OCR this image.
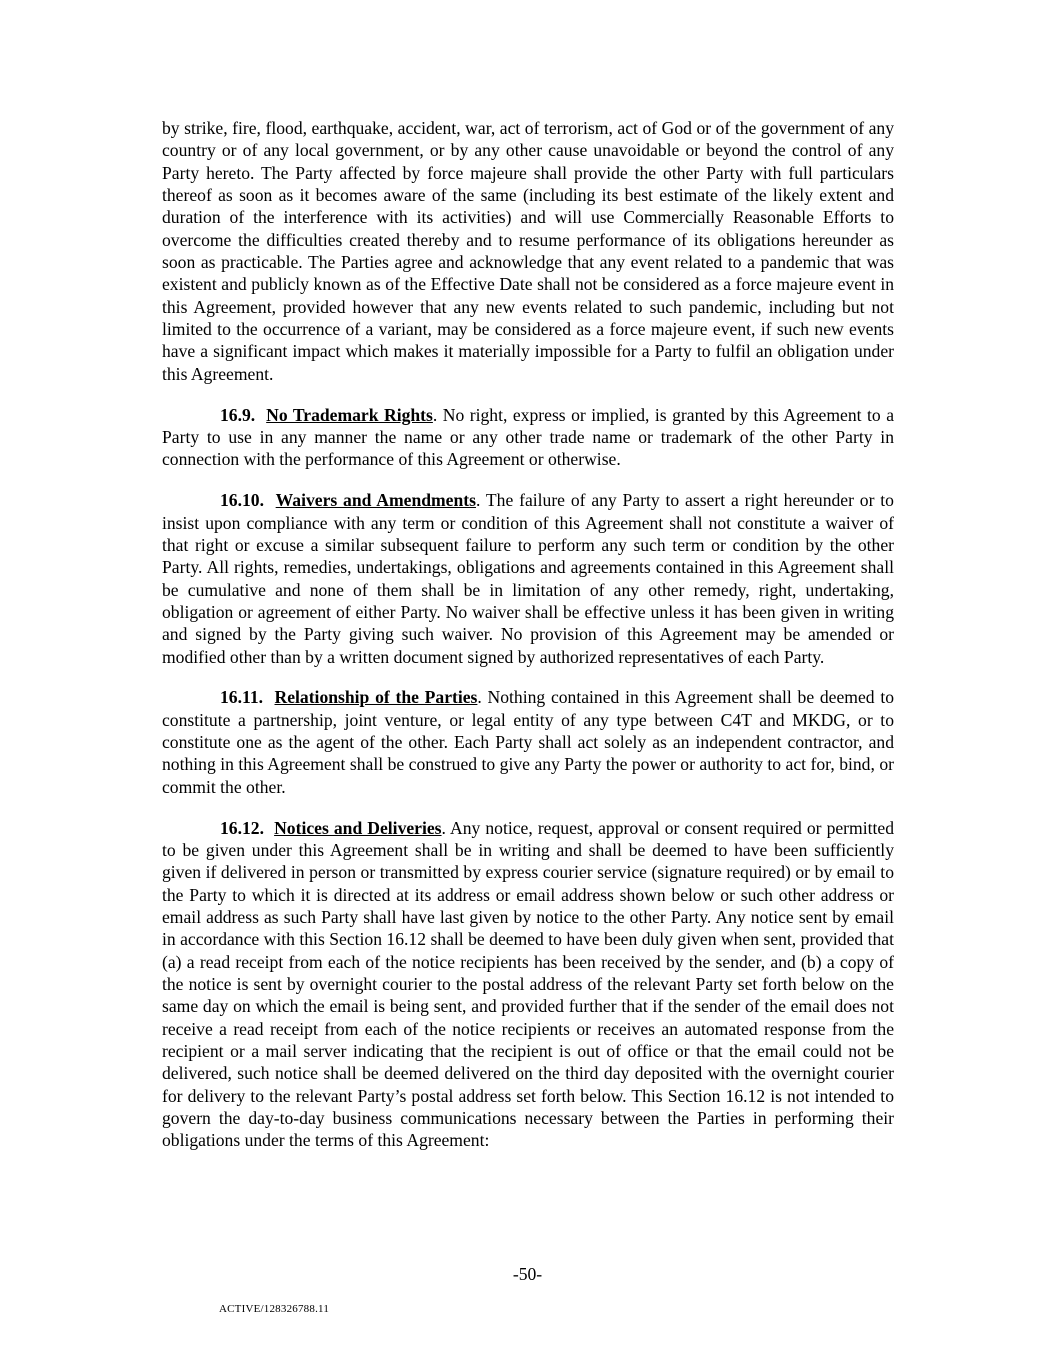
by strike, fire, flood, earthquake, accident, war, act of terrorism, act of God or of the government of any country or of any local government, or by any other cause unavoidable or beyond the control of any Party hereto. The Party affected by force majeure shall provide the other Party with full particulars thereof as soon as it becomes aware of the same (including its best estimate of the likely extent and duration of the interference with its activities) and will use Commercially Reasonable Efforts to overcome the difficulties created thereby and to resume performance of its obligations hereunder as soon as practicable. The Parties agree and acknowledge that any event related to a pandemic that was existent and publicly known as of the Effective Date shall not be considered as a force majeure event in this Agreement, provided however that any new events related to such pandemic, including but not limited to the occurrence of a variant, may be considered as a force majeure event, if such new events have a significant impact which makes it materially impossible for a Party to fulfil an obligation under this Agreement.

16.9. No Trademark Rights. No right, express or implied, is granted by this Agreement to a Party to use in any manner the name or any other trade name or trademark of the other Party in connection with the performance of this Agreement or otherwise.

16.10. Waivers and Amendments. The failure of any Party to assert a right hereunder or to insist upon compliance with any term or condition of this Agreement shall not constitute a waiver of that right or excuse a similar subsequent failure to perform any such term or condition by the other Party. All rights, remedies, undertakings, obligations and agreements contained in this Agreement shall be cumulative and none of them shall be in limitation of any other remedy, right, undertaking, obligation or agreement of either Party. No waiver shall be effective unless it has been given in writing and signed by the Party giving such waiver. No provision of this Agreement may be amended or modified other than by a written document signed by authorized representatives of each Party.

16.11. Relationship of the Parties. Nothing contained in this Agreement shall be deemed to constitute a partnership, joint venture, or legal entity of any type between C4T and MKDG, or to constitute one as the agent of the other. Each Party shall act solely as an independent contractor, and nothing in this Agreement shall be construed to give any Party the power or authority to act for, bind, or commit the other.

16.12. Notices and Deliveries. Any notice, request, approval or consent required or permitted to be given under this Agreement shall be in writing and shall be deemed to have been sufficiently given if delivered in person or transmitted by express courier service (signature required) or by email to the Party to which it is directed at its address or email address shown below or such other address or email address as such Party shall have last given by notice to the other Party. Any notice sent by email in accordance with this Section 16.12 shall be deemed to have been duly given when sent, provided that (a) a read receipt from each of the notice recipients has been received by the sender, and (b) a copy of the notice is sent by overnight courier to the postal address of the relevant Party set forth below on the same day on which the email is being sent, and provided further that if the sender of the email does not receive a read receipt from each of the notice recipients or receives an automated response from the recipient or a mail server indicating that the recipient is out of office or that the email could not be delivered, such notice shall be deemed delivered on the third day deposited with the overnight courier for delivery to the relevant Party’s postal address set forth below. This Section 16.12 is not intended to govern the day-to-day business communications necessary between the Parties in performing their obligations under the terms of this Agreement:

-50-
ACTIVE/128326788.11
